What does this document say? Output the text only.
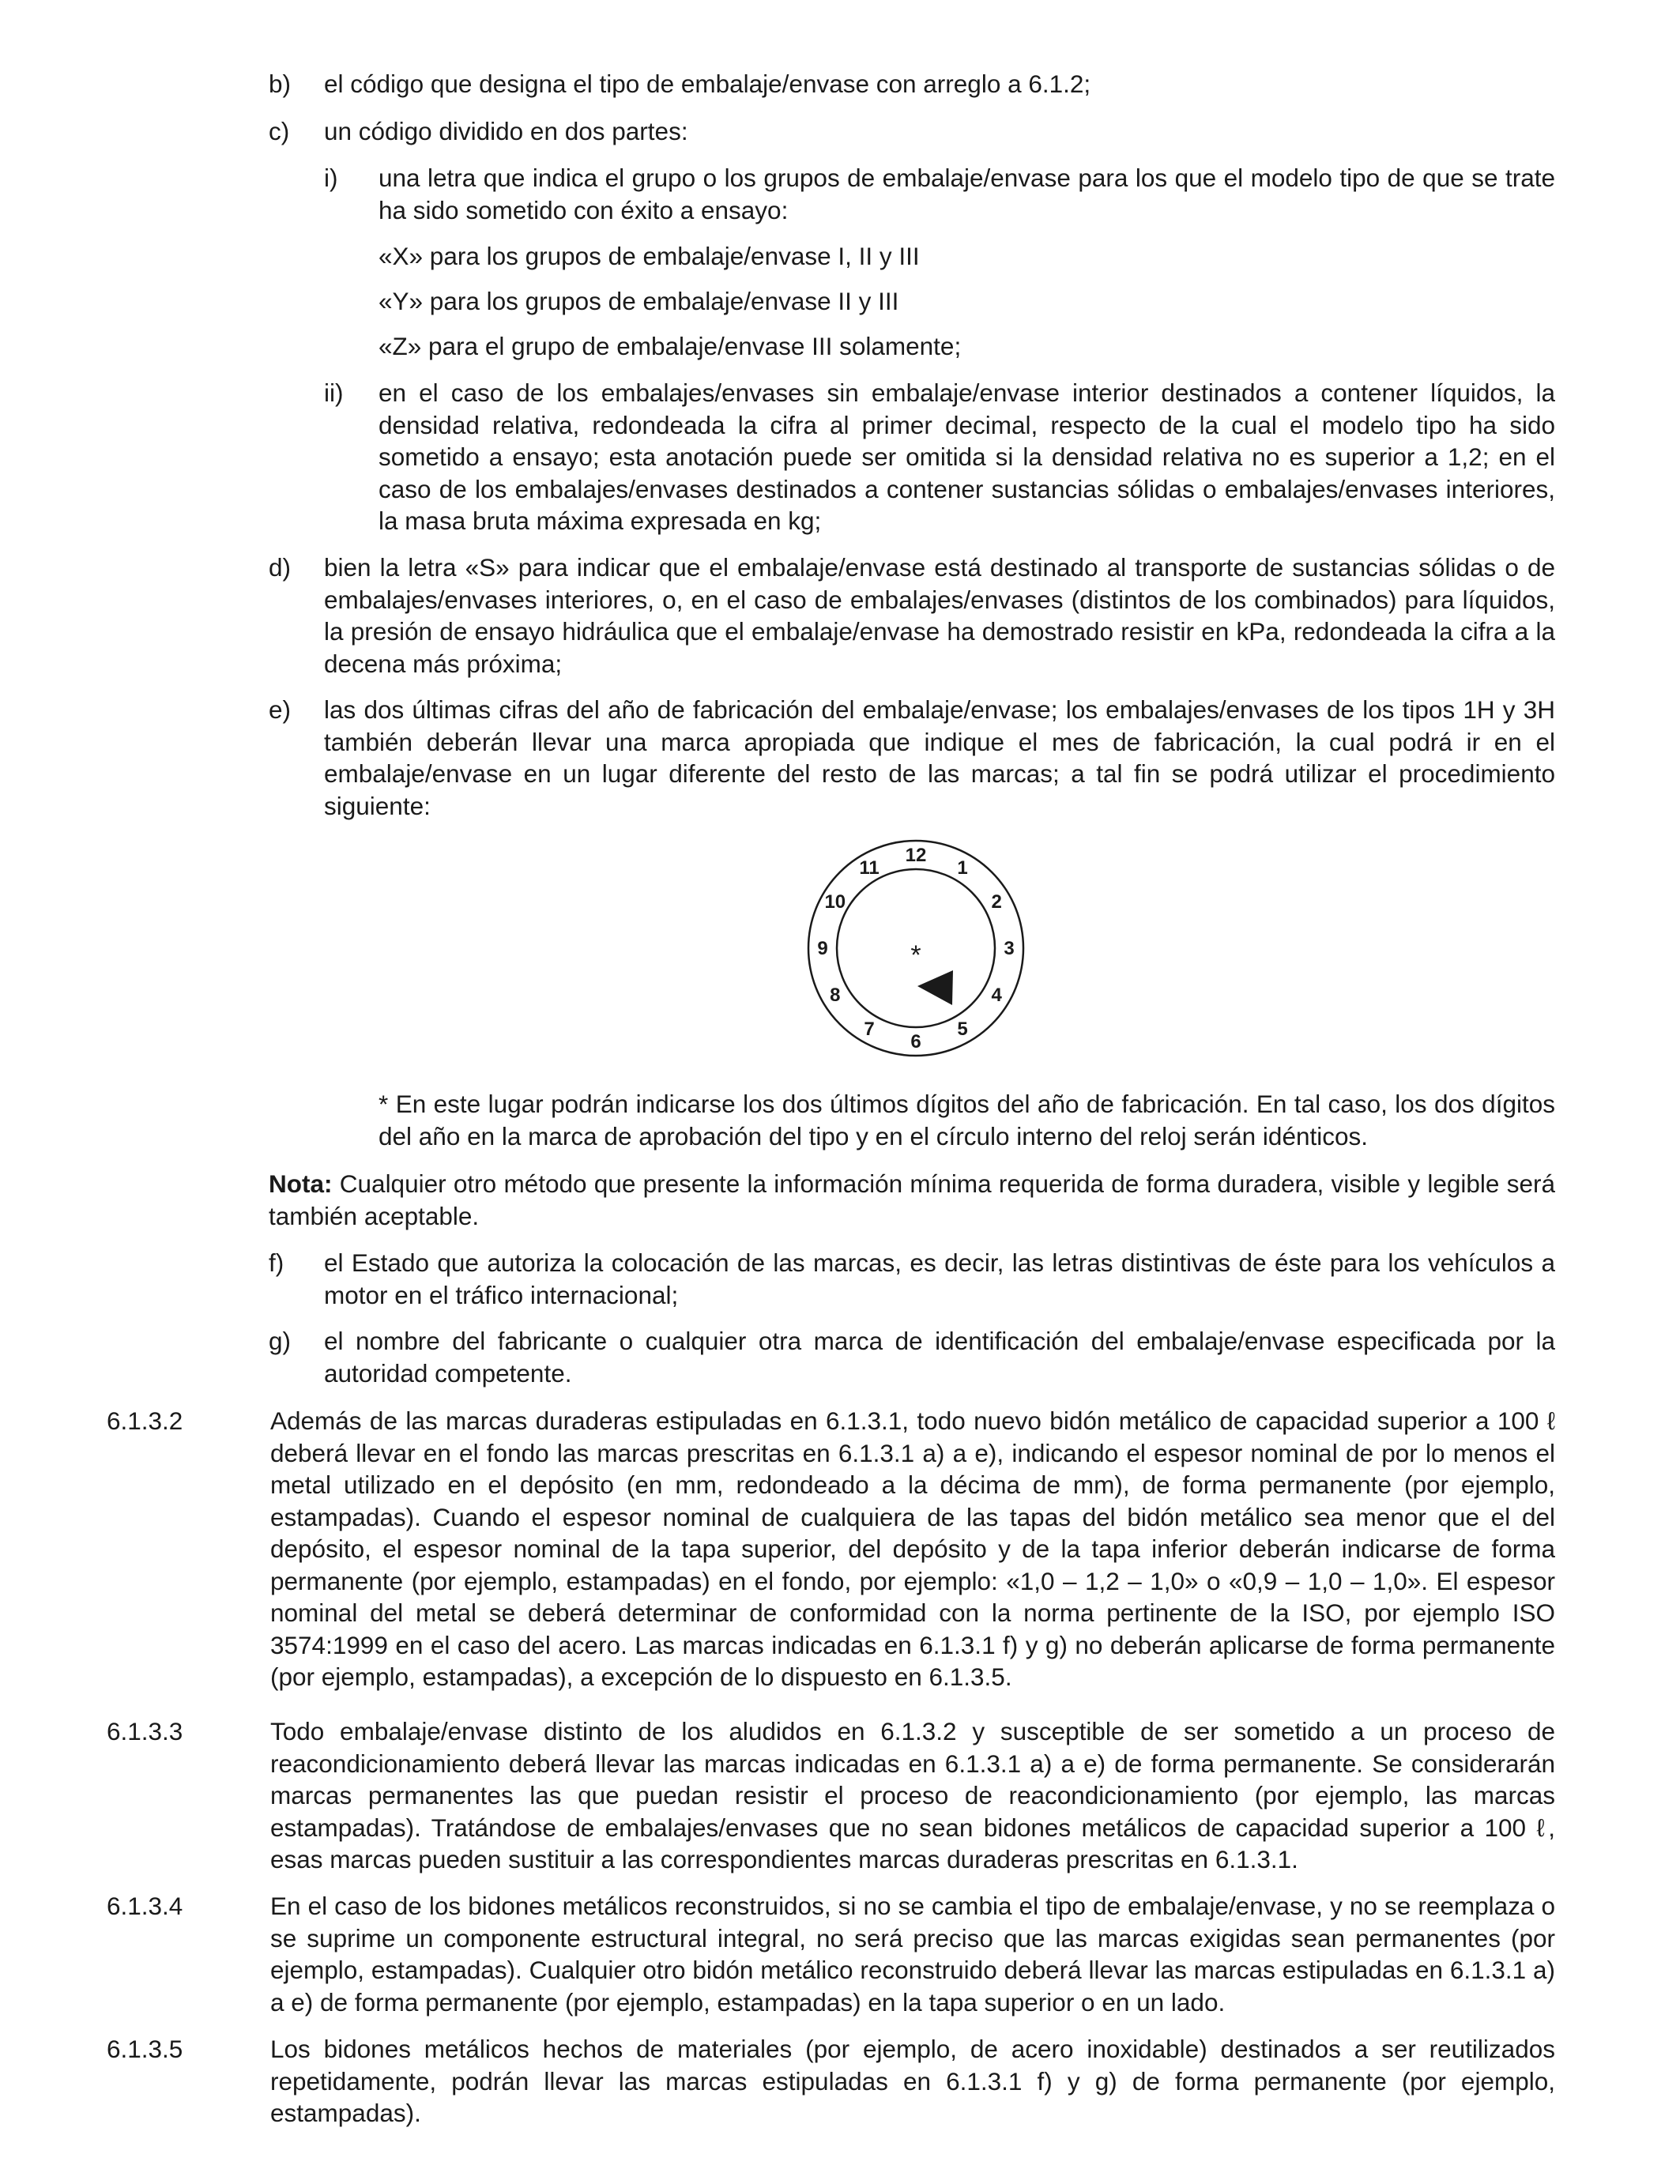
b) el código que designa el tipo de embalaje/envase con arreglo a 6.1.2;
c) un código dividido en dos partes:
i) una letra que indica el grupo o los grupos de embalaje/envase para los que el modelo tipo de que se trate ha sido sometido con éxito a ensayo:
«X» para los grupos de embalaje/envase I, II y III
«Y» para los grupos de embalaje/envase II y III
«Z» para el grupo de embalaje/envase III solamente;
ii) en el caso de los embalajes/envases sin embalaje/envase interior destinados a contener líquidos, la densidad relativa, redondeada la cifra al primer decimal, respecto de la cual el modelo tipo ha sido sometido a ensayo; esta anotación puede ser omitida si la densidad relativa no es superior a 1,2; en el caso de los embalajes/envases destinados a contener sustancias sólidas o embalajes/envases interiores, la masa bruta máxima expresada en kg;
d) bien la letra «S» para indicar que el embalaje/envase está destinado al transporte de sustancias sólidas o de embalajes/envases interiores, o, en el caso de embalajes/envases (distintos de los combinados) para líquidos, la presión de ensayo hidráulica que el embalaje/envase ha demostrado resistir en kPa, redondeada la cifra a la decena más próxima;
e) las dos últimas cifras del año de fabricación del embalaje/envase; los embalajes/envases de los tipos 1H y 3H también deberán llevar una marca apropiada que indique el mes de fabricación, la cual podrá ir en el embalaje/envase en un lugar diferente del resto de las marcas; a tal fin se podrá utilizar el procedimiento siguiente:
12
1
2
3
4
5
6
7
8
9
10
11
*
* En este lugar podrán indicarse los dos últimos dígitos del año de fabricación. En tal caso, los dos dígitos del año en la marca de aprobación del tipo y en el círculo interno del reloj serán idénticos.
Nota: Cualquier otro método que presente la información mínima requerida de forma duradera, visible y legible será también aceptable.
f) el Estado que autoriza la colocación de las marcas, es decir, las letras distintivas de éste para los vehículos a motor en el tráfico internacional;
g) el nombre del fabricante o cualquier otra marca de identificación del embalaje/envase especificada por la autoridad competente.
6.1.3.2	Además de las marcas duraderas estipuladas en 6.1.3.1, todo nuevo bidón metálico de capacidad superior a 100 ℓ deberá llevar en el fondo las marcas prescritas en 6.1.3.1 a) a e), indicando el espesor nominal de por lo menos el metal utilizado en el depósito (en mm, redondeado a la décima de mm), de forma permanente (por ejemplo, estampadas). Cuando el espesor nominal de cualquiera de las tapas del bidón metálico sea menor que el del depósito, el espesor nominal de la tapa superior, del depósito y de la tapa inferior deberán indicarse de forma permanente (por ejemplo, estampadas) en el fondo, por ejemplo: «1,0 – 1,2 – 1,0» o «0,9 – 1,0 – 1,0». El espesor nominal del metal se deberá determinar de conformidad con la norma pertinente de la ISO, por ejemplo ISO 3574:1999 en el caso del acero. Las marcas indicadas en 6.1.3.1 f) y g) no deberán aplicarse de forma permanente (por ejemplo, estampadas), a excepción de lo dispuesto en 6.1.3.5.
6.1.3.3	Todo embalaje/envase distinto de los aludidos en 6.1.3.2 y susceptible de ser sometido a un proceso de reacondicionamiento deberá llevar las marcas indicadas en 6.1.3.1 a) a e) de forma permanente. Se considerarán marcas permanentes las que puedan resistir el proceso de reacondicionamiento (por ejemplo, las marcas estampadas). Tratándose de embalajes/envases que no sean bidones metálicos de capacidad superior a 100 ℓ, esas marcas pueden sustituir a las correspondientes marcas duraderas prescritas en 6.1.3.1.
6.1.3.4	En el caso de los bidones metálicos reconstruidos, si no se cambia el tipo de embalaje/envase, y no se reemplaza o se suprime un componente estructural integral, no será preciso que las marcas exigidas sean permanentes (por ejemplo, estampadas). Cualquier otro bidón metálico reconstruido deberá llevar las marcas estipuladas en 6.1.3.1 a) a e) de forma permanente (por ejemplo, estampadas) en la tapa superior o en un lado.
6.1.3.5	Los bidones metálicos hechos de materiales (por ejemplo, de acero inoxidable) destinados a ser reutilizados repetidamente, podrán llevar las marcas estipuladas en 6.1.3.1 f) y g) de forma permanente (por ejemplo, estampadas).
